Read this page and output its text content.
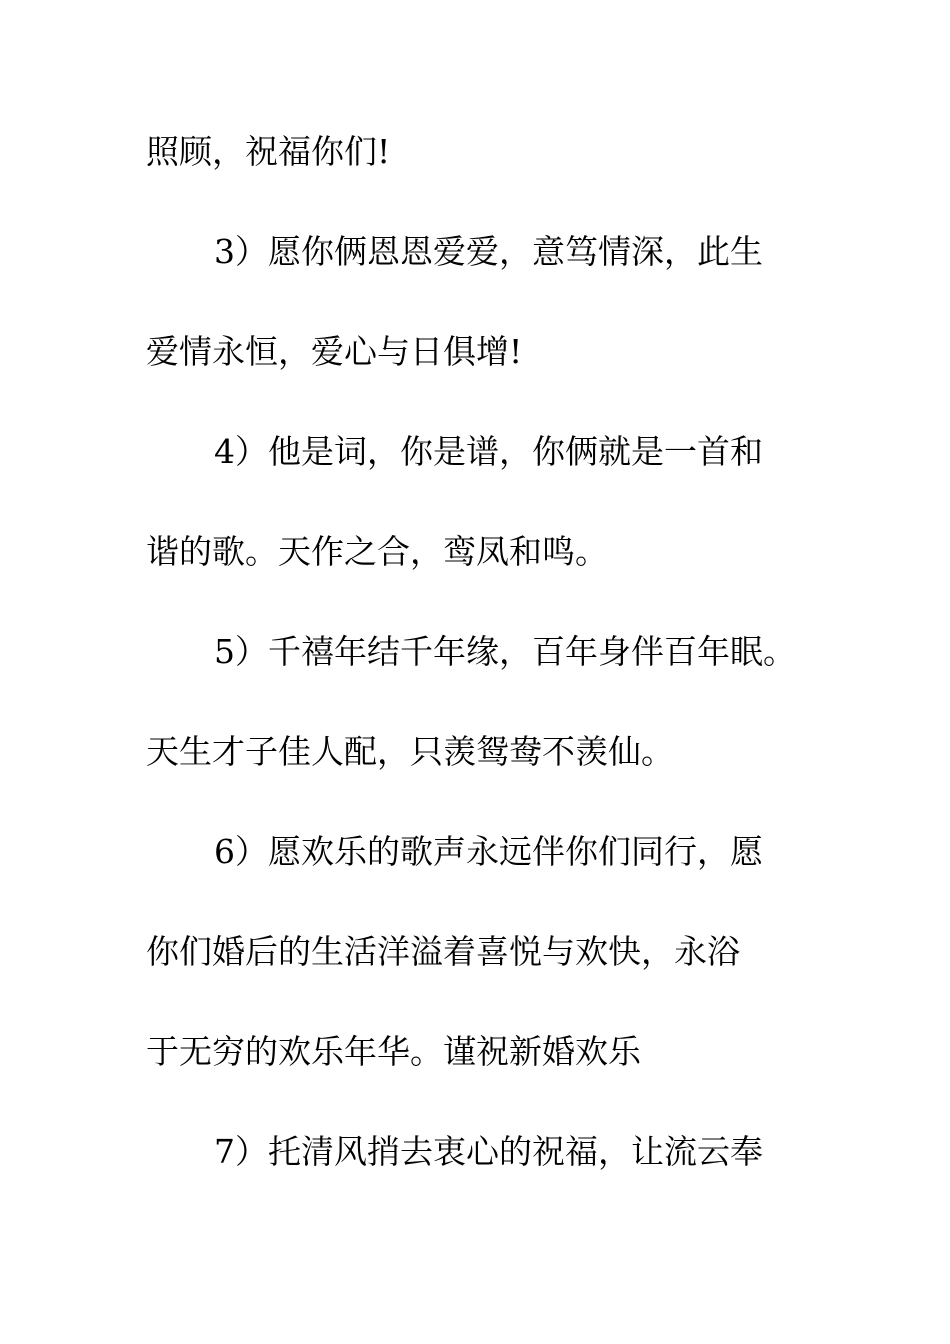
照顾，祝福你们!
3）愿你俩恩恩爱爱，意笃情深，此生
爱情永恒，爱心与日俱增!
4）他是词，你是谱，你俩就是一首和
谐的歌。天作之合，鸾凤和鸣。
5）千禧年结千年缘，百年身伴百年眠。
天生才子佳人配，只羡鸳鸯不羡仙。
6）愿欢乐的歌声永远伴你们同行，愿
你们婚后的生活洋溢着喜悦与欢快，永浴
于无穷的欢乐年华。谨祝新婚欢乐
7）托清风捎去衷心的祝福，让流云奉
